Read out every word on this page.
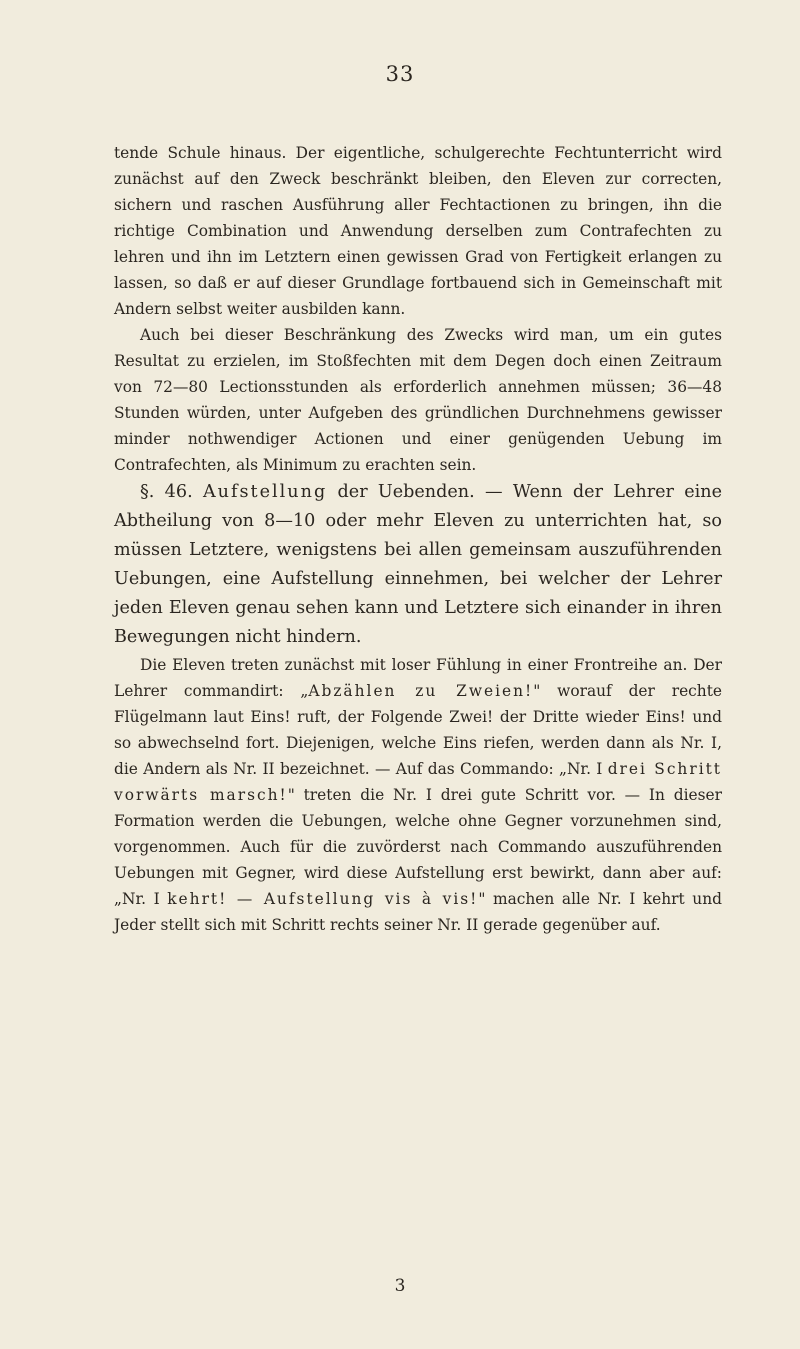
33

tende Schule hinaus. Der eigentliche, schulgerechte Fechtunterricht wird zunächst auf den Zweck beschränkt bleiben, den Eleven zur correcten, sichern und raschen Ausführung aller Fechtactionen zu bringen, ihn die richtige Combination und Anwendung derselben zum Contrafechten zu lehren und ihn im Letztern einen gewissen Grad von Fertigkeit erlangen zu lassen, so daß er auf dieser Grundlage fortbauend sich in Gemeinschaft mit Andern selbst weiter ausbilden kann.

Auch bei dieser Beschränkung des Zwecks wird man, um ein gutes Resultat zu erzielen, im Stoßfechten mit dem Degen doch einen Zeitraum von 72—80 Lectionsstunden als erforderlich annehmen müssen; 36—48 Stunden würden, unter Aufgeben des gründlichen Durchnehmens gewisser minder nothwendiger Actionen und einer genügenden Uebung im Contrafechten, als Minimum zu erachten sein.

§. 46. Aufstellung der Uebenden. — Wenn der Lehrer eine Abtheilung von 8—10 oder mehr Eleven zu unterrichten hat, so müssen Letztere, wenigstens bei allen gemeinsam auszuführenden Uebungen, eine Aufstellung einnehmen, bei welcher der Lehrer jeden Eleven genau sehen kann und Letztere sich einander in ihren Bewegungen nicht hindern.

Die Eleven treten zunächst mit loser Fühlung in einer Frontreihe an. Der Lehrer commandirt: „Abzählen zu Zweien!" worauf der rechte Flügelmann laut Eins! ruft, der Folgende Zwei! der Dritte wieder Eins! und so abwechselnd fort. Diejenigen, welche Eins riefen, werden dann als Nr. I, die Andern als Nr. II bezeichnet. — Auf das Commando: „Nr. I drei Schritt vorwärts marsch!" treten die Nr. I drei gute Schritt vor. — In dieser Formation werden die Uebungen, welche ohne Gegner vorzunehmen sind, vorgenommen. Auch für die zuvörderst nach Commando auszuführenden Uebungen mit Gegner, wird diese Aufstellung erst bewirkt, dann aber auf: „Nr. I kehrt! — Aufstellung vis à vis!" machen alle Nr. I kehrt und Jeder stellt sich mit Schritt rechts seiner Nr. II gerade gegenüber auf.

3
